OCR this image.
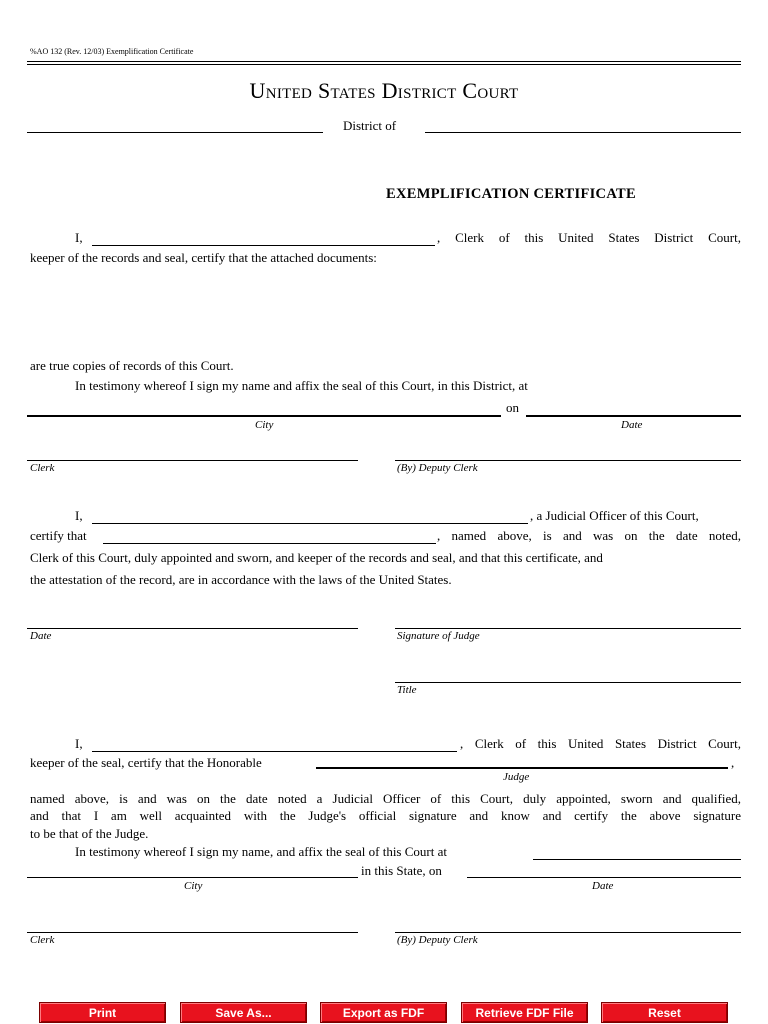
%AO 132 (Rev. 12/03) Exemplification Certificate
United States District Court
District of
EXEMPLIFICATION CERTIFICATE
I,	, Clerk of this United States District Court,
keeper of the records and seal, certify that the attached documents:
are true copies of records of this Court.
In testimony whereof I sign my name and affix the seal of this Court, in this District, at
on
City	Date
Clerk	(By) Deputy Clerk
I,	, a Judicial Officer of this Court,
certify that	, named above, is and was on the date noted,
Clerk of this Court, duly appointed and sworn, and keeper of the records and seal, and that this certificate, and
the attestation of the record, are in accordance with the laws of the United States.
Date	Signature of Judge
Title
I,	, Clerk of this United States District Court,
keeper of the seal, certify that the Honorable	,
Judge
named above, is and was on the date noted a Judicial Officer of this Court, duly appointed, sworn and qualified,
and that I am well acquainted with the Judge's official signature and know and certify the above signature
to be that of the Judge.
In testimony whereof I sign my name, and affix the seal of this Court at
in this State, on
City	Date
Clerk	(By) Deputy Clerk
Print	Save As...	Export as FDF	Retrieve FDF File	Reset
